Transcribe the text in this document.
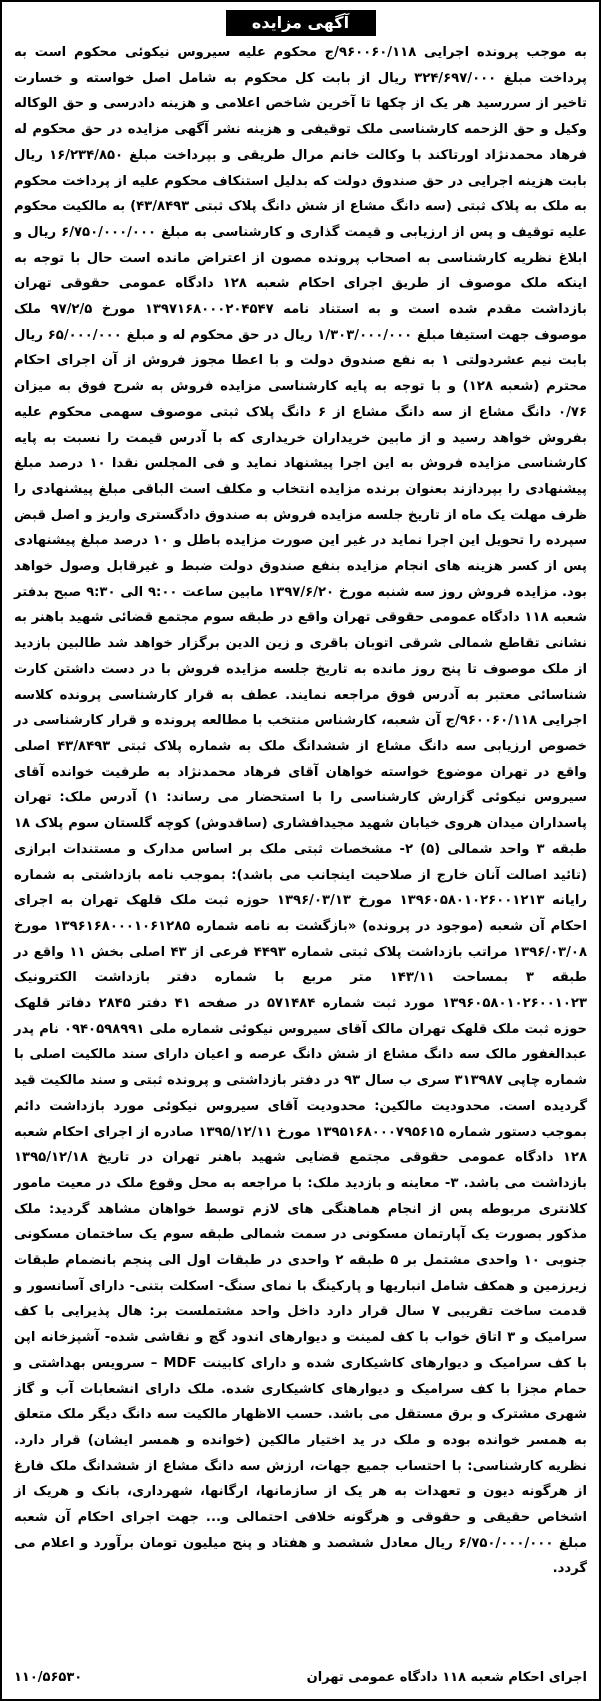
آگهی مزایده

به موجب پرونده اجرایی ۹۶۰۰۶۰/۱۱۸/ج محکوم علیه سیروس نیکوئی محکوم است به پرداخت مبلغ ۳۲۴/۶۹۷/۰۰۰ ریال از بابت کل محکوم به شامل اصل خواسته و خسارت تاخیر از سررسید هر یک از چکها تا آخرین شاخص اعلامی و هزینه دادرسی و حق الوکاله وکیل و حق الزحمه کارشناسی ملک توقیفی و هزینه نشر آگهی مزایده در حق محکوم له فرهاد محمدنژاد اورتاکند با وکالت خانم مرال طریقی و بپرداخت مبلغ ۱۶/۲۳۴/۸۵۰ ریال بابت هزینه اجرایی در حق صندوق دولت که بدلیل استنکاف محکوم علیه از پرداخت محکوم به ملک به پلاک ثبتی (سه دانگ مشاع از شش دانگ پلاک ثبتی ۴۳/۸۴۹۳) به مالکیت محکوم علیه توقیف و پس از ارزیابی و قیمت گذاری و کارشناسی به مبلغ ۶/۷۵۰/۰۰۰/۰۰۰ ریال و ابلاغ نظریه کارشناسی به اصحاب پرونده مصون از اعتراض مانده است حال با توجه به اینکه ملک موصوف از طریق اجرای احکام شعبه ۱۲۸ دادگاه عمومی حقوقی تهران بازداشت مقدم شده است و به استناد نامه ۱۳۹۷۱۶۸۰۰۰۲۰۴۵۴۷ مورخ ۹۷/۲/۵ ملک موصوف جهت استیفا مبلغ ۱/۳۰۳/۰۰۰/۰۰۰ ریال در حق محکوم له و مبلغ ۶۵/۰۰۰/۰۰۰ ریال بابت نیم عشردولتی ۱ به نفع صندوق دولت و با اعطا مجوز فروش از آن اجرای احکام محترم (شعبه ۱۲۸) و با توجه به پایه کارشناسی مزایده فروش به شرح فوق به میزان ۰/۷۶ دانگ مشاع از سه دانگ مشاع از ۶ دانگ پلاک ثبتی موصوف سهمی محکوم علیه بفروش خواهد رسید و از مابین خریداران خریداری که با آدرس قیمت را نسبت به پایه کارشناسی مزایده فروش به این اجرا پیشنهاد نماید و فی المجلس نقدا ۱۰ درصد مبلغ پیشنهادی را بپردازند بعنوان برنده مزایده انتخاب و مکلف است الباقی مبلغ پیشنهادی را ظرف مهلت یک ماه از تاریخ جلسه مزایده فروش به صندوق دادگستری واریز و اصل قبض سپرده را تحویل این اجرا نماید در غیر این صورت مزایده باطل و ۱۰ درصد مبلغ پیشنهادی پس از کسر هزینه های انجام مزایده بنفع صندوق دولت ضبط و غیرقابل وصول خواهد بود. مزایده فروش روز سه شنبه مورخ ۱۳۹۷/۶/۲۰ مابین ساعت ۹:۰۰ الی ۹:۳۰ صبح بدفتر شعبه ۱۱۸ دادگاه عمومی حقوقی تهران واقع در طبقه سوم مجتمع قضائی شهید باهنر به نشانی تقاطع شمالی شرقی اتوبان باقری و زین الدین برگزار خواهد شد طالبین بازدید از ملک موصوف تا پنج روز مانده به تاریخ جلسه مزایده فروش با در دست داشتن کارت شناسائی معتبر به آدرس فوق مراجعه نمایند. عطف به قرار کارشناسی پرونده کلاسه اجرایی ۹۶۰۰۶۰/۱۱۸/ج آن شعبه، کارشناس منتخب با مطالعه پرونده و قرار کارشناسی در خصوص ارزیابی سه دانگ مشاع از ششدانگ ملک به شماره پلاک ثبتی ۴۳/۸۴۹۳ اصلی واقع در تهران موضوع خواسته خواهان آقای فرهاد محمدنژاد به طرفیت خوانده آقای سیروس نیکوئی گزارش کارشناسی را با استحضار می رساند: ۱) آدرس ملک: تهران پاسداران میدان هروی خیابان شهید مجیدافشاری (ساقدوش) کوچه گلستان سوم پلاک ۱۸ طبقه ۳ واحد شمالی (۵) ۲- مشخصات ثبتی ملک بر اساس مدارک و مستندات ابرازی (تائید اصالت آنان خارج از صلاحیت اینجانب می باشد): بموجب نامه بازداشتی به شماره رایانه ۱۳۹۶۰۵۸۰۱۰۲۶۰۰۱۲۱۳ مورخ ۱۳۹۶/۰۳/۱۳ حوزه ثبت ملک قلهک تهران به اجرای احکام آن شعبه (موجود در پرونده) «بازگشت به نامه شماره ۱۳۹۶۱۶۸۰۰۰۱۰۶۱۲۸۵ مورخ ۱۳۹۶/۰۳/۰۸ مراتب بازداشت پلاک ثبتی شماره ۴۴۹۳ فرعی از ۴۳ اصلی بخش ۱۱ واقع در طبقه ۳ بمساحت ۱۴۳/۱۱ متر مربع با شماره دفتر بازداشت الکترونیک ۱۳۹۶۰۵۸۰۱۰۲۶۰۰۱۰۲۳ مورد ثبت شماره ۵۷۱۴۸۴ در صفحه ۴۱ دفتر ۲۸۴۵ دفاتر قلهک حوزه ثبت ملک قلهک تهران مالک آقای سیروس نیکوئی شماره ملی ۰۹۴۰۵۹۸۹۹۱ نام پدر عبدالغفور مالک سه دانگ مشاع از شش دانگ عرصه و اعیان دارای سند مالکیت اصلی با شماره چاپی ۳۱۳۹۸۷ سری ب سال ۹۳ در دفتر بازداشتی و پرونده ثبتی و سند مالکیت قید گردیده است. محدودیت مالکین: محدودیت آقای سیروس نیکوئی مورد بازداشت دائم بموجب دستور شماره ۱۳۹۵۱۶۸۰۰۰۷۹۵۶۱۵ مورخ ۱۳۹۵/۱۲/۱۱ صادره از اجرای احکام شعبه ۱۲۸ دادگاه عمومی حقوقی مجتمع قضایی شهید باهنر تهران در تاریخ ۱۳۹۵/۱۲/۱۸ بازداشت می باشد. ۳- معاینه و بازدید ملک: با مراجعه به محل وقوع ملک در معیت مامور کلانتری مربوطه پس از انجام هماهنگی های لازم توسط خواهان مشاهد گردید: ملک مذکور بصورت یک آپارتمان مسکونی در سمت شمالی طبقه سوم یک ساختمان مسکونی جنوبی ۱۰ واحدی مشتمل بر ۵ طبقه ۲ واحدی در طبقات اول الی پنجم بانضمام طبقات زیرزمین و همکف شامل انباریها و پارکینگ با نمای سنگ- اسکلت بتنی- دارای آسانسور و قدمت ساخت تقریبی ۷ سال قرار دارد داخل واحد مشتملست بر: هال پذیرایی با کف سرامیک و ۳ اتاق خواب با کف لمینت و دیوارهای اندود گچ و نقاشی شده- آشپزخانه اپن با کف سرامیک و دیوارهای کاشیکاری شده و دارای کابینت MDF – سرویس بهداشتی و حمام مجزا با کف سرامیک و دیوارهای کاشیکاری شده. ملک دارای انشعابات آب و گاز شهری مشترک و برق مستقل می باشد. حسب الاظهار مالکیت سه دانگ دیگر ملک متعلق به همسر خوانده بوده و ملک در ید اختیار مالکین (خوانده و همسر ایشان) قرار دارد. نظریه کارشناسی: با احتساب جمیع جهات، ارزش سه دانگ مشاع از ششدانگ ملک فارغ از هرگونه دیون و تعهدات به هر یک از سازمانها، ارگانها، شهرداری، بانک و هریک از اشخاص حقیقی و حقوقی و هرگونه خلافی احتمالی و... جهت اجرای احکام آن شعبه مبلغ ۶/۷۵۰/۰۰۰/۰۰۰ ریال معادل ششصد و هفتاد و پنج میلیون تومان برآورد و اعلام می گردد.

اجرای احکام شعبه ۱۱۸ دادگاه عمومی تهران
۱۱۰/۵۶۵۳۰
